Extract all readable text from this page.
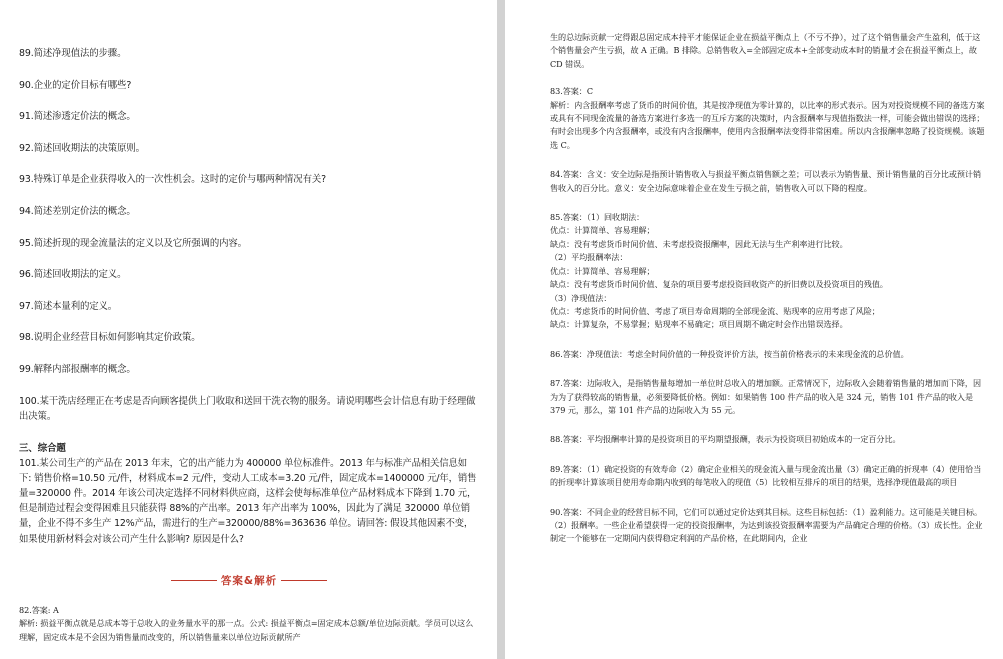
89.简述净现值法的步骤。
90.企业的定价目标有哪些?
91.简述渗透定价法的概念。
92.简述回收期法的决策原则。
93.特殊订单是企业获得收入的一次性机会。这时的定价与哪两种情况有关?
94.简述差别定价法的概念。
95.简述折现的现金流量法的定义以及它所强调的内容。
96.简述回收期法的定义。
97.简述本量利的定义。
98.说明企业经营目标如何影响其定价政策。
99.解释内部报酬率的概念。
100.某干洗店经理正在考虑是否向顾客提供上门收取和送回干洗衣物的服务。请说明哪些会计信息有助于经理做出决策。
三、综合题
101.某公司生产的产品在 2013 年末，它的出产能力为 400000 单位标准件。2013 年与标准产品相关信息如下: 销售价格=10.50 元/件，材料成本=2 元/件，变动人工成本=3.20 元/件，固定成本=1400000 元/年，销售量=320000 件。2014 年该公司决定选择不同材料供应商，这样会使每标准单位产品材料成本下降到 1.70 元，但是制造过程会变得困难且只能获得 88%的产出率。2013 年产出率为 100%，因此为了满足 320000 单位销量，企业不得不多生产 12%产品，需进行的生产=320000/88%=363636 单位。请回答: 假设其他因素不变，如果使用新材料会对该公司产生什么影响? 原因是什么?
答案&解析

82.答案: A

解析: 损益平衡点就是总成本等于总收入的业务量水平的那一点。公式: 损益平衡点=固定成本总额/单位边际贡献。学员可以这么理解，固定成本是不会因为销售量而改变的，所以销售量来以单位边际贡献所产

生的总边际贡献一定得跟总固定成本持平才能保证企业在损益平衡点上（不亏不挣），过了这个销售量会产生盈利，低于这个销售量会产生亏损，故 A 正确。B 排除。总销售收入=全部固定成本+全部变动成本时的销量才会在损益平衡点上，故 CD 错误。

83.答案：C

解析：内含报酬率考虑了货币的时间价值，其是按净现值为零计算的，以比率的形式表示。因为对投资规模不同的备选方案或具有不同现金流量的备选方案进行多选一的互斥方案的决策时，内含报酬率与现值指数法一样，可能会做出错误的选择；有时会出现多个内含报酬率，或没有内含报酬率，使用内含报酬率法变得非常困难。所以内含报酬率忽略了投资规模。该题选 C。

84.答案：含义：安全边际是指预计销售收入与损益平衡点销售额之差；可以表示为销售量、预计销售量的百分比或预计销售收入的百分比。意义：安全边际意味着企业在发生亏损之前，销售收入可以下降的程度。

85.答案：（1）回收期法：

优点：计算简单、容易理解；

缺点：没有考虑货币时间价值、未考虑投资报酬率，因此无法与生产利率进行比较。

（2）平均报酬率法：

优点：计算简单、容易理解；

缺点：没有考虑货币时间价值、复杂的项目要考虑投资回收资产的折旧费以及投资项目的残值。

（3）净现值法：

优点：考虑货币的时间价值、考虑了项目寿命周期的全部现金流、贴现率的应用考虑了风险；

缺点：计算复杂，不易掌握；贴现率不易确定；项目周期不确定时会作出错误选择。

86.答案：净现值法：考虑全时间价值的一种投资评价方法，按当前价格表示的未来现金流的总价值。

87.答案：边际收入，是指销售量每增加一单位时总收入的增加额。正常情况下，边际收入会随着销售量的增加而下降，因为为了获得较高的销售量，必须要降低价格。例如：如果销售 100 件产品的收入是 324 元，销售 101 件产品的收入是 379 元，那么，第 101 件产品的边际收入为 55 元。

88.答案：平均报酬率计算的是投资项目的平均期望报酬，表示为投资项目初始成本的一定百分比。

89.答案：（1）确定投资的有效寿命（2）确定企业相关的现金流入量与现金流出量（3）确定正确的折现率（4）使用恰当的折现率计算该项目使用寿命期内收到的每笔收入的现值（5）比较相互排斥的项目的结果，选择净现值最高的项目

90.答案：不同企业的经营目标不同，它们可以通过定价达到其目标。这些目标包括：（1）盈利能力。这可能是关键目标。（2）报酬率。一些企业希望获得一定的投资报酬率，为达到该投资报酬率需要为产品确定合理的价格。（3）成长性。企业制定一个能够在一定期间内获得稳定利润的产品价格，在此期间内，企业
